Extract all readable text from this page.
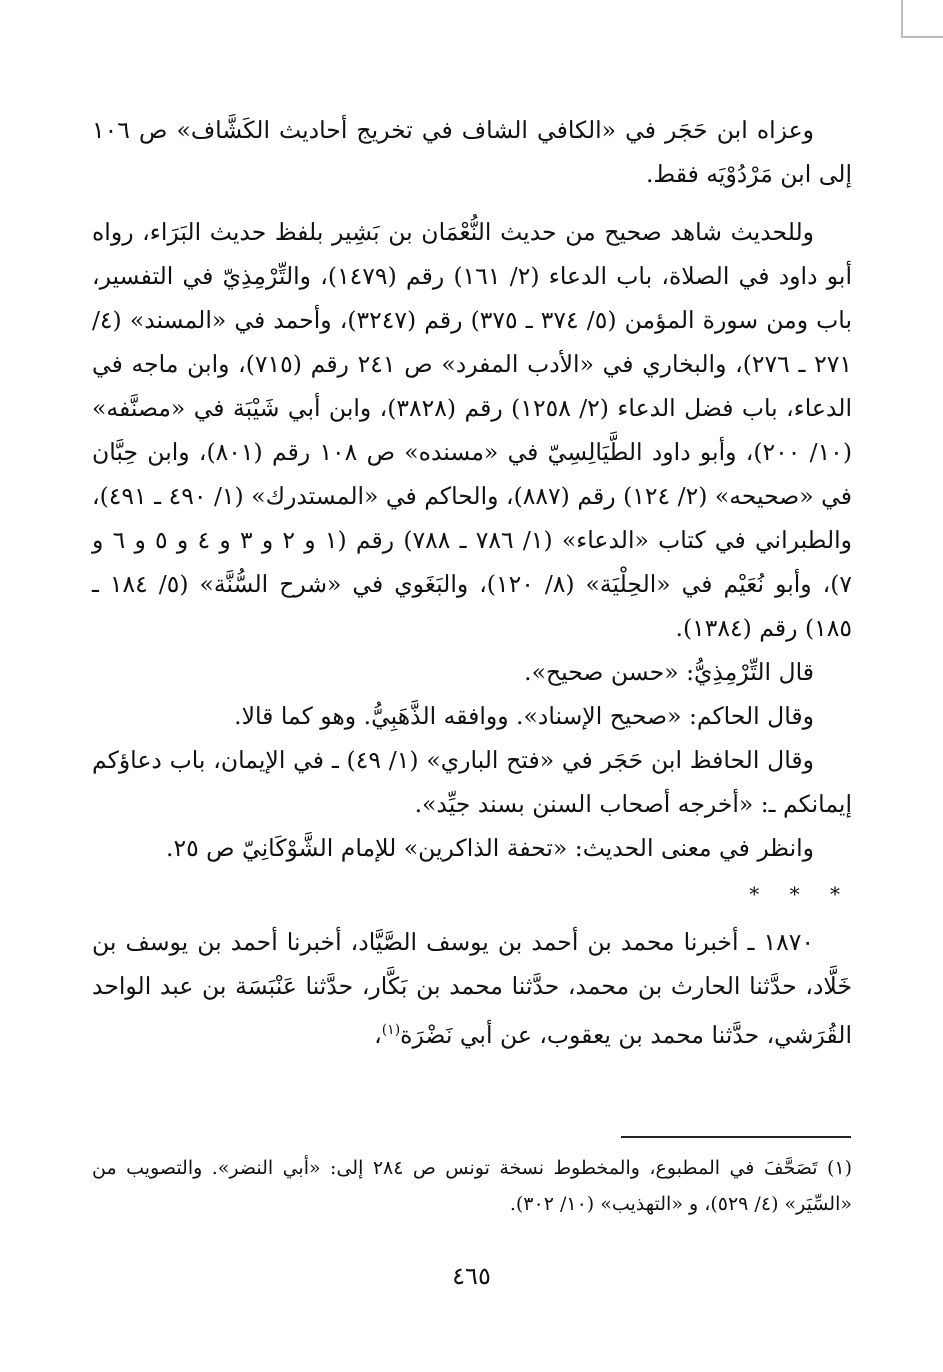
وعزاه ابن حَجَر في «الكافي الشاف في تخريج أحاديث الكَشَّاف» ص ١٠٦ إلى ابن مَرْدُوْيَه فقط.

وللحديث شاهد صحيح من حديث النُّعْمَان بن بَشِير بلفظ حديث البَرَاء، رواه أبو داود في الصلاة، باب الدعاء (٢/ ١٦١) رقم (١٤٧٩)، والتِّرْمِذِيّ في التفسير، باب ومن سورة المؤمن (٥/ ٣٧٤ ـ ٣٧٥) رقم (٣٢٤٧)، وأحمد في «المسند» (٤/ ٢٧١ ـ ٢٧٦)، والبخاري في «الأدب المفرد» ص ٢٤١ رقم (٧١٥)، وابن ماجه في الدعاء، باب فضل الدعاء (٢/ ١٢٥٨) رقم (٣٨٢٨)، وابن أبي شَيْبَة في «مصنَّفه» (١٠/ ٢٠٠)، وأبو داود الطَّيَالِسِيّ في «مسنده» ص ١٠٨ رقم (٨٠١)، وابن حِبَّان في «صحيحه» (٢/ ١٢٤) رقم (٨٨٧)، والحاكم في «المستدرك» (١/ ٤٩٠ ـ ٤٩١)، والطبراني في كتاب «الدعاء» (١/ ٧٨٦ ـ ٧٨٨) رقم (١ و ٢ و ٣ و ٤ و ٥ و ٦ و ٧)، وأبو نُعَيْم في «الحِلْيَة» (٨/ ١٢٠)، والبَغَوي في «شرح السُّنَّة» (٥/ ١٨٤ ـ ١٨٥) رقم (١٣٨٤).

قال التِّرْمِذِيُّ: «حسن صحيح».

وقال الحاكم: «صحيح الإسناد». ووافقه الذَّهَبِيُّ. وهو كما قالا.

وقال الحافظ ابن حَجَر في «فتح الباري» (١/ ٤٩) ـ في الإيمان، باب دعاؤكم إيمانكم ـ: «أخرجه أصحاب السنن بسند جيِّد».

وانظر في معنى الحديث: «تحفة الذاكرين» للإمام الشَّوْكَانِيّ ص ٢٥.

* * *

١٨٧٠ ـ أخبرنا محمد بن أحمد بن يوسف الصَّيَّاد، أخبرنا أحمد بن يوسف بن خَلَّاد، حدَّثنا الحارث بن محمد، حدَّثنا محمد بن بَكَّار، حدَّثنا عَنْبَسَة بن عبد الواحد القُرَشي، حدَّثنا محمد بن يعقوب، عن أبي نَضْرَة$^{(١)}$،

(١) تَصَحَّفَ في المطبوع، والمخطوط نسخة تونس ص ٢٨٤ إلى: «أبي النضر». والتصويب من «السِّيَر» (٤/ ٥٢٩)، و «التهذيب» (١٠/ ٣٠٢).

٤٦٥
